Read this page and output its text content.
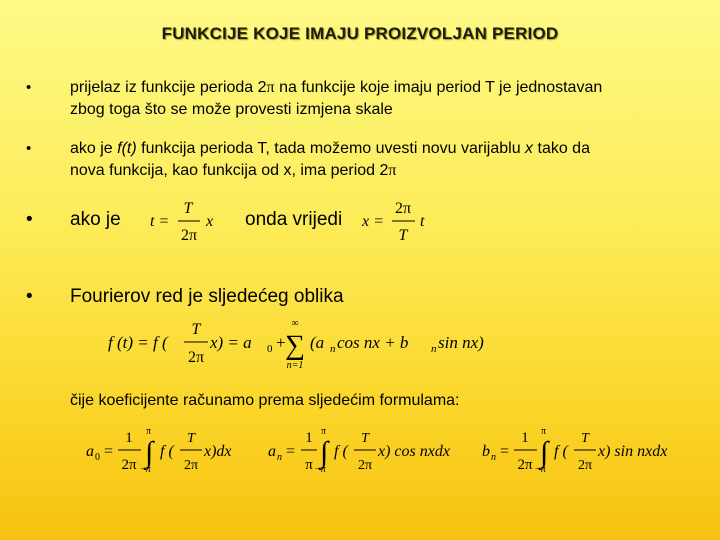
FUNKCIJE KOJE IMAJU PROIZVOLJAN PERIOD
• prijelaz iz funkcije perioda 2π na funkcije koje imaju period T je jednostavan
zbog toga što se može provesti izmjena skale
• ako je f(t) funkcija perioda T, tada možemo uvesti novu varijablu x tako da
nova funkcija, kao funkcija od x, ima period 2π
• ako je	onda vrijedi
t =
T
2π
x	x =
2π
T
t
• Fourierov red je sljedećeg oblika
f (t) = f (
T
2π
x) = a 0 +
∞
∑
n=1
(a n cos nx + b n sin nx)
čije koeficijente računamo prema sljedećim formulama:
a 0 =
1
2π ∫
π
−π
f (
T
2π
x)dx a n =
1
π ∫
π
−π
f (
T
2π
x) cos nxdx b n =
1
2π ∫
π
−π
f (
T
2π
x) sin nxdx
